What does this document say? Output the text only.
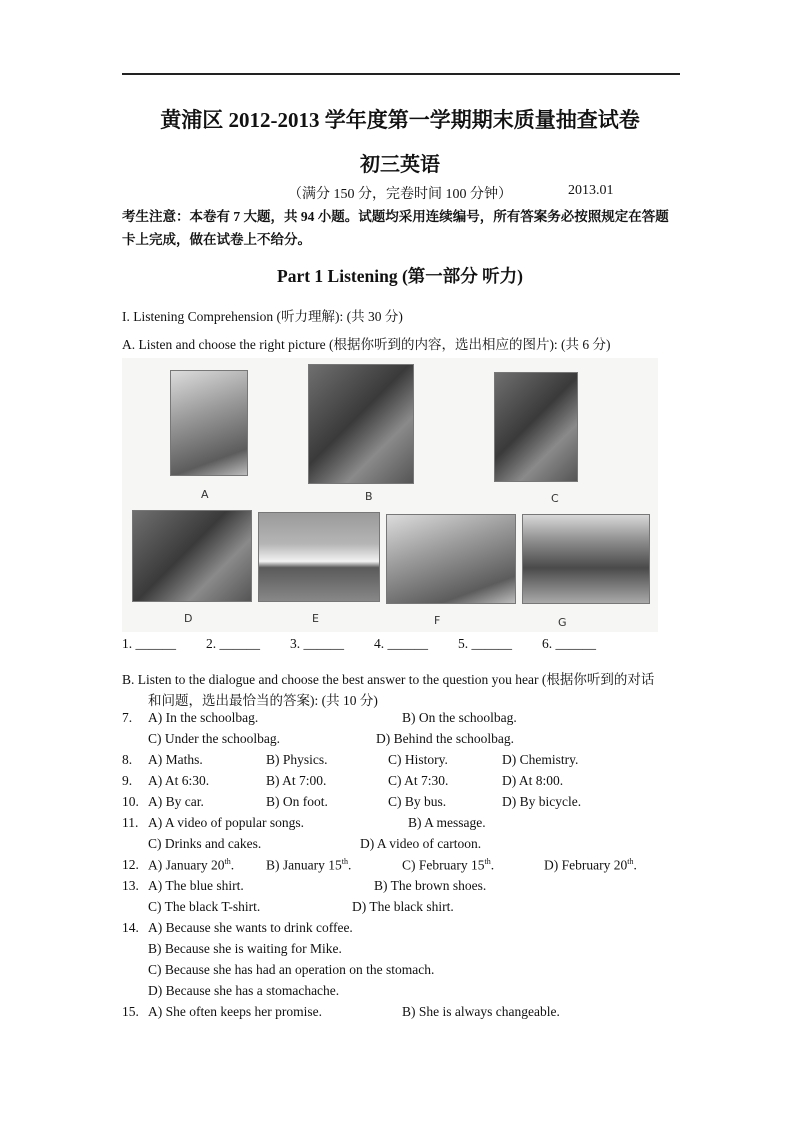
黄浦区 2012-2013 学年度第一学期期末质量抽查试卷
初三英语
（满分 150 分，完卷时间 100 分钟）	2013.01
考生注意：本卷有 7 大题，共 94 小题。试题均采用连续编号，所有答案务必按照规定在答题
卡上完成，做在试卷上不给分。
Part 1 Listening (第一部分 听力)
I. Listening Comprehension (听力理解): (共 30 分)
A. Listen and choose the right picture (根据你听到的内容，选出相应的图片): (共 6 分)
A	B	C
D	E	F	G
1. ______ 2. ______ 3. ______ 4. ______ 5. ______ 6. ______
B. Listen to the dialogue and choose the best answer to the question you hear (根据你听到的对话
和问题，选出最恰当的答案): (共 10 分)
7. A) In the schoolbag.	B) On the schoolbag.
C) Under the schoolbag.	D) Behind the schoolbag.
8. A) Maths.	B) Physics.	C) History.	D) Chemistry.
9. A) At 6:30.	B) At 7:00.	C) At 7:30.	D) At 8:00.
10. A) By car.	B) On foot.	C) By bus.	D) By bicycle.
11. A) A video of popular songs.	B) A message.
C) Drinks and cakes.	D) A video of cartoon.
12. A) January 20th. B) January 15th.	C) February 15th.	D) February 20th.
13. A) The blue shirt.	B) The brown shoes.
C) The black T-shirt.	D) The black shirt.
14. A) Because she wants to drink coffee.
B) Because she is waiting for Mike.
C) Because she has had an operation on the stomach.
D) Because she has a stomachache.
15. A) She often keeps her promise.	B) She is always changeable.
